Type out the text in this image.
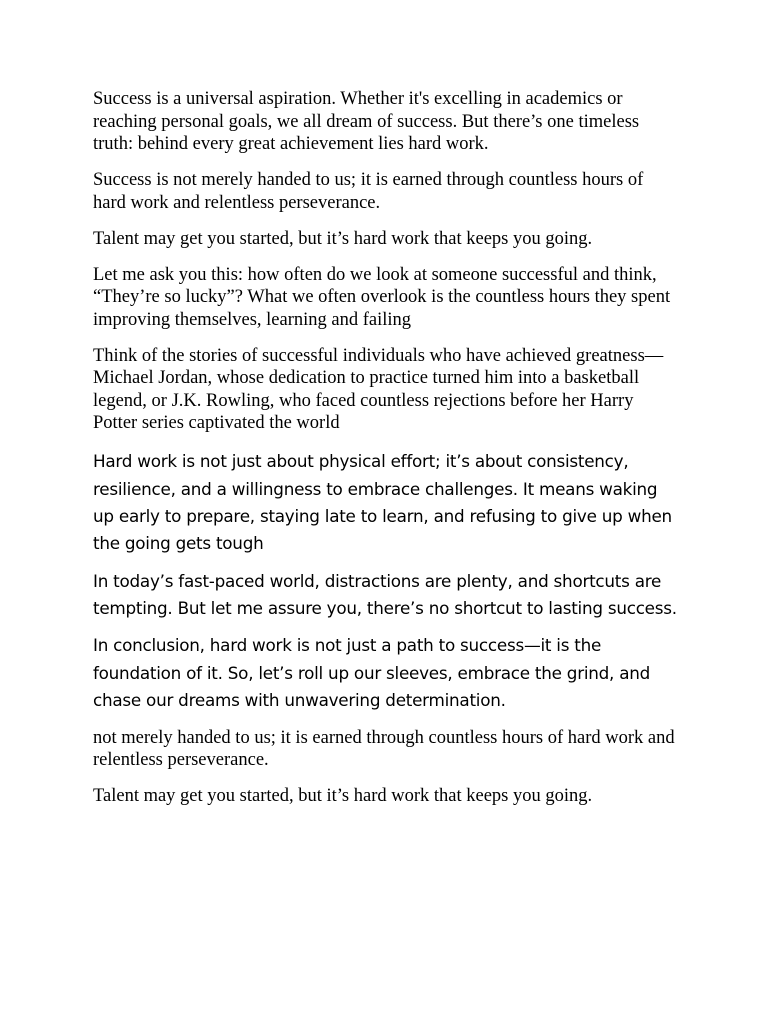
Success is a universal aspiration. Whether it's excelling in academics or reaching personal goals, we all dream of success. But there’s one timeless truth: behind every great achievement lies hard work.

Success is not merely handed to us; it is earned through countless hours of hard work and relentless perseverance.

Talent may get you started, but it’s hard work that keeps you going.

Let me ask you this: how often do we look at someone successful and think, “They’re so lucky”? What we often overlook is the countless hours they spent improving themselves, learning and failing

Think of the stories of successful individuals who have achieved greatness—Michael Jordan, whose dedication to practice turned him into a basketball legend, or J.K. Rowling, who faced countless rejections before her Harry Potter series captivated the world

Hard work is not just about physical effort; it’s about consistency, resilience, and a willingness to embrace challenges. It means waking up early to prepare, staying late to learn, and refusing to give up when the going gets tough

In today’s fast-paced world, distractions are plenty, and shortcuts are tempting. But let me assure you, there’s no shortcut to lasting success.

In conclusion, hard work is not just a path to success—it is the foundation of it. So, let’s roll up our sleeves, embrace the grind, and chase our dreams with unwavering determination.

not merely handed to us; it is earned through countless hours of hard work and relentless perseverance.

Talent may get you started, but it’s hard work that keeps you going.
